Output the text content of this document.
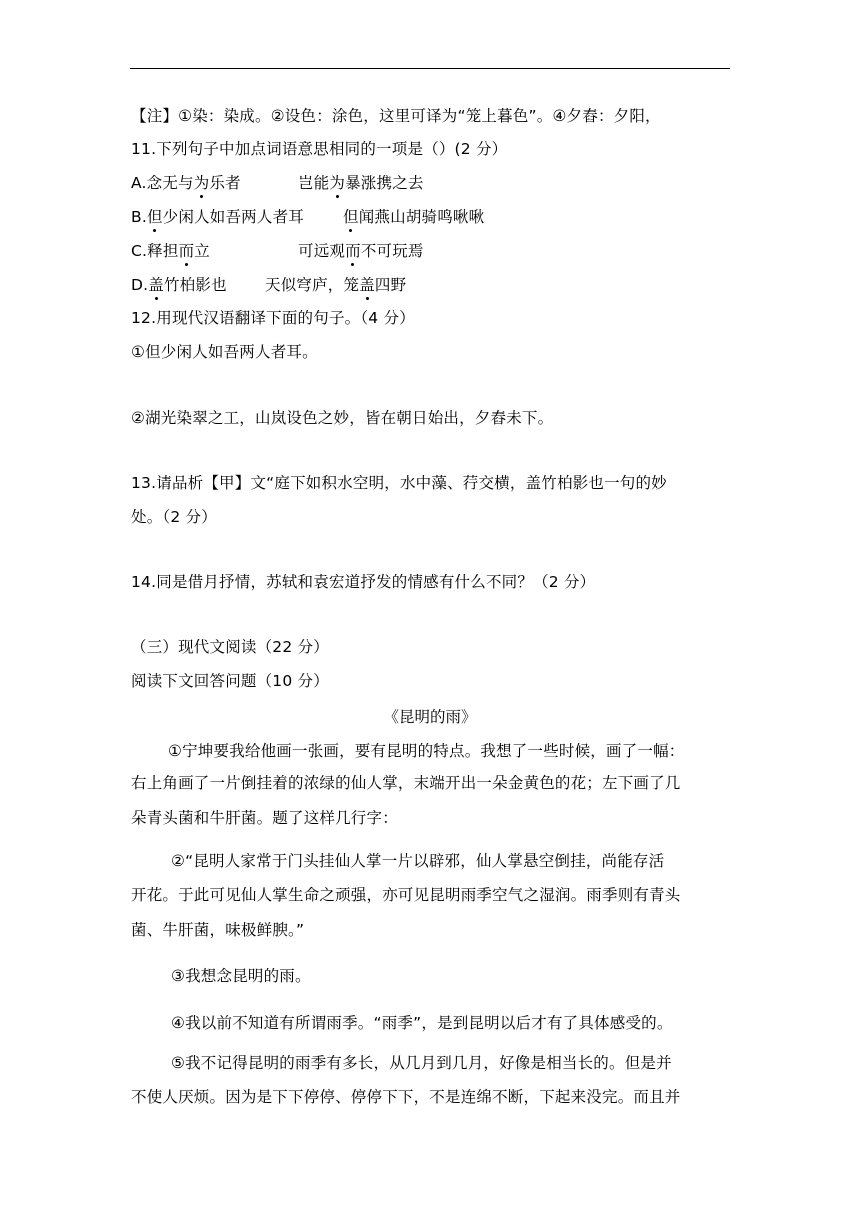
【注】①染：染成。②设色：涂色，这里可译为“笼上暮色”。④夕舂：夕阳，
11.下列句子中加点词语意思相同的一项是（）(2 分）
A.念无与为乐者	岂能为暴涨携之去
B.但少闲人如吾两人者耳	但闻燕山胡骑鸣啾啾
C.释担而立	可远观而不可玩焉
D.盖竹柏影也 天似穹庐，笼盖四野
12.用现代汉语翻译下面的句子。（4 分）
①但少闲人如吾两人者耳。
②湖光染翠之工，山岚设色之妙，皆在朝日始出，夕舂未下。
13.请品析【甲】文“庭下如积水空明，水中藻、荇交横，盖竹柏影也一句的妙
处。（2 分）
14.同是借月抒情，苏轼和袁宏道抒发的情感有什么不同？（2 分）
（三）现代文阅读（22 分）
阅读下文回答问题（10 分）
《昆明的雨》
①宁坤要我给他画一张画，要有昆明的特点。我想了一些时候，画了一幅：
右上角画了一片倒挂着的浓绿的仙人掌，末端开出一朵金黄色的花；左下画了几
朵青头菌和牛肝菌。题了这样几行字：
②“昆明人家常于门头挂仙人掌一片以辟邪，仙人掌悬空倒挂，尚能存活
开花。于此可见仙人掌生命之顽强，亦可见昆明雨季空气之湿润。雨季则有青头
菌、牛肝菌，味极鲜腴。”
③我想念昆明的雨。
④我以前不知道有所谓雨季。“雨季”，是到昆明以后才有了具体感受的。
⑤我不记得昆明的雨季有多长，从几月到几月，好像是相当长的。但是并
不使人厌烦。因为是下下停停、停停下下，不是连绵不断，下起来没完。而且并
